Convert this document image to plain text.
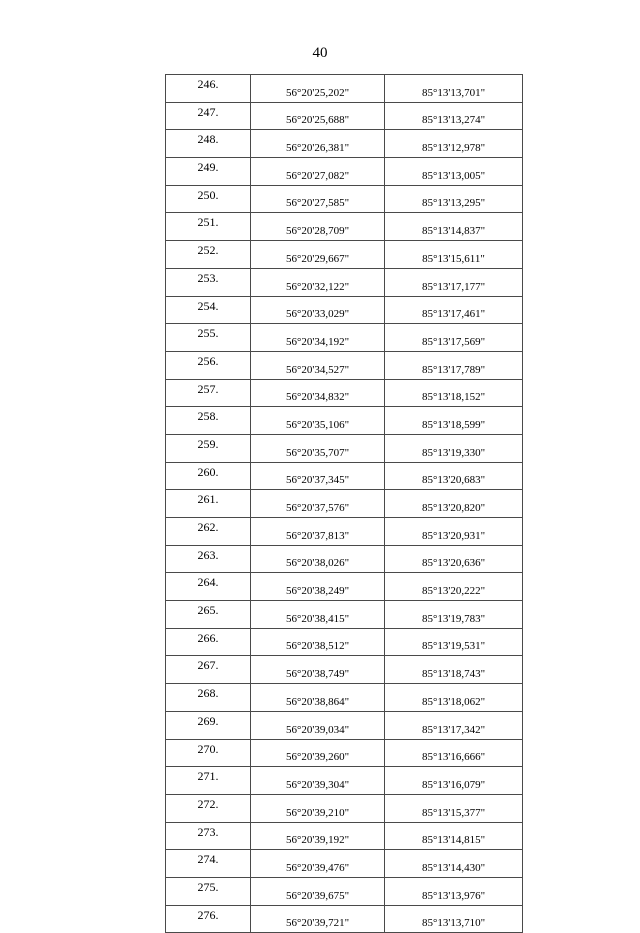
40
246.	56°20'25,202"	85°13'13,701"
247.	56°20'25,688"	85°13'13,274"
248.	56°20'26,381"	85°13'12,978"
249.	56°20'27,082"	85°13'13,005"
250.	56°20'27,585"	85°13'13,295"
251.	56°20'28,709"	85°13'14,837"
252.	56°20'29,667"	85°13'15,611"
253.	56°20'32,122"	85°13'17,177"
254.	56°20'33,029"	85°13'17,461"
255.	56°20'34,192"	85°13'17,569"
256.	56°20'34,527"	85°13'17,789"
257.	56°20'34,832"	85°13'18,152"
258.	56°20'35,106"	85°13'18,599"
259.	56°20'35,707"	85°13'19,330"
260.	56°20'37,345"	85°13'20,683"
261.	56°20'37,576"	85°13'20,820"
262.	56°20'37,813"	85°13'20,931"
263.	56°20'38,026"	85°13'20,636"
264.	56°20'38,249"	85°13'20,222"
265.	56°20'38,415"	85°13'19,783"
266.	56°20'38,512"	85°13'19,531"
267.	56°20'38,749"	85°13'18,743"
268.	56°20'38,864"	85°13'18,062"
269.	56°20'39,034"	85°13'17,342"
270.	56°20'39,260"	85°13'16,666"
271.	56°20'39,304"	85°13'16,079"
272.	56°20'39,210"	85°13'15,377"
273.	56°20'39,192"	85°13'14,815"
274.	56°20'39,476"	85°13'14,430"
275.	56°20'39,675"	85°13'13,976"
276.	56°20'39,721"	85°13'13,710"
